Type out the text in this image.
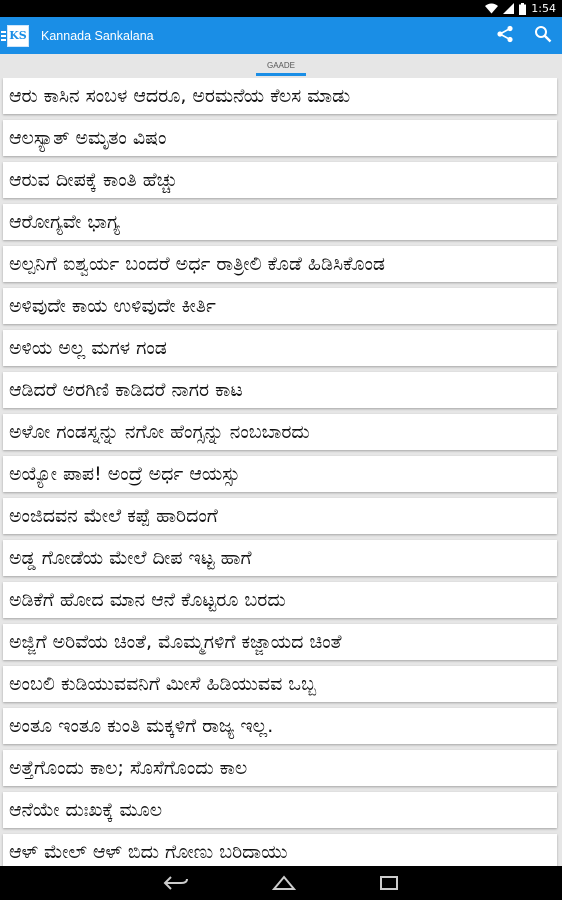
1:54
KS Kannada Sankalana
GAADE
ಆರು ಕಾಸಿನ ಸಂಬಳ ಆದರೂ, ಅರಮನೆಯ ಕೆಲಸ ಮಾಡು
ಆಲಸ್ಯಾತ್ ಅಮೃತಂ ವಿಷಂ
ಆರುವ ದೀಪಕ್ಕೆ ಕಾಂತಿ ಹೆಚ್ಚು
ಆರೋಗ್ಯವೇ ಭಾಗ್ಯ
ಅಲ್ಪನಿಗೆ ಐಶ್ವರ್ಯ ಬಂದರೆ ಅರ್ಧ ರಾತ್ರೀಲಿ ಕೊಡೆ ಹಿಡಿಸಿಕೊಂಡ
ಅಳಿವುದೇ ಕಾಯ ಉಳಿವುದೇ ಕೀರ್ತಿ
ಅಳಿಯ ಅಲ್ಲ ಮಗಳ ಗಂಡ
ಆಡಿದರೆ ಅರಗಿಣಿ ಕಾಡಿದರೆ ನಾಗರ ಕಾಟ
ಅಳೋ ಗಂಡಸ್ನನ್ನು ನಗೋ ಹೆಂಗ್ಸನ್ನು ನಂಬಬಾರದು
ಅಯ್ಯೋ ಪಾಪ! ಅಂದ್ರೆ ಅರ್ಧ ಆಯಸ್ಸು
ಅಂಜಿದವನ ಮೇಲೆ ಕಪ್ಪೆ ಹಾರಿದಂಗೆ
ಅಡ್ಡ ಗೋಡೆಯ ಮೇಲೆ ದೀಪ ಇಟ್ಟ ಹಾಗೆ
ಅಡಿಕೆಗೆ ಹೋದ ಮಾನ ಆನೆ ಕೊಟ್ಟರೂ ಬರದು
ಅಜ್ಜಿಗೆ ಅರಿವೆಯ ಚಿಂತೆ, ಮೊಮ್ಮಗಳಿಗೆ ಕಜ್ಜಾಯದ ಚಿಂತೆ
ಅಂಬಲಿ ಕುಡಿಯುವವನಿಗೆ ಮೀಸೆ ಹಿಡಿಯುವವ ಒಬ್ಬ
ಅಂತೂ ಇಂತೂ ಕುಂತಿ ಮಕ್ಕಳಿಗೆ ರಾಜ್ಯ ಇಲ್ಲ.
ಅತ್ತೆಗೊಂದು ಕಾಲ; ಸೊಸೆಗೊಂದು ಕಾಲ
ಆನೆಯೇ ದುಃಖಕ್ಕೆ ಮೂಲ
ಆಳ್ ಮೇಲ್ ಆಳ್ ಬಿದು ಗೋಣು ಬರಿದಾಯು
